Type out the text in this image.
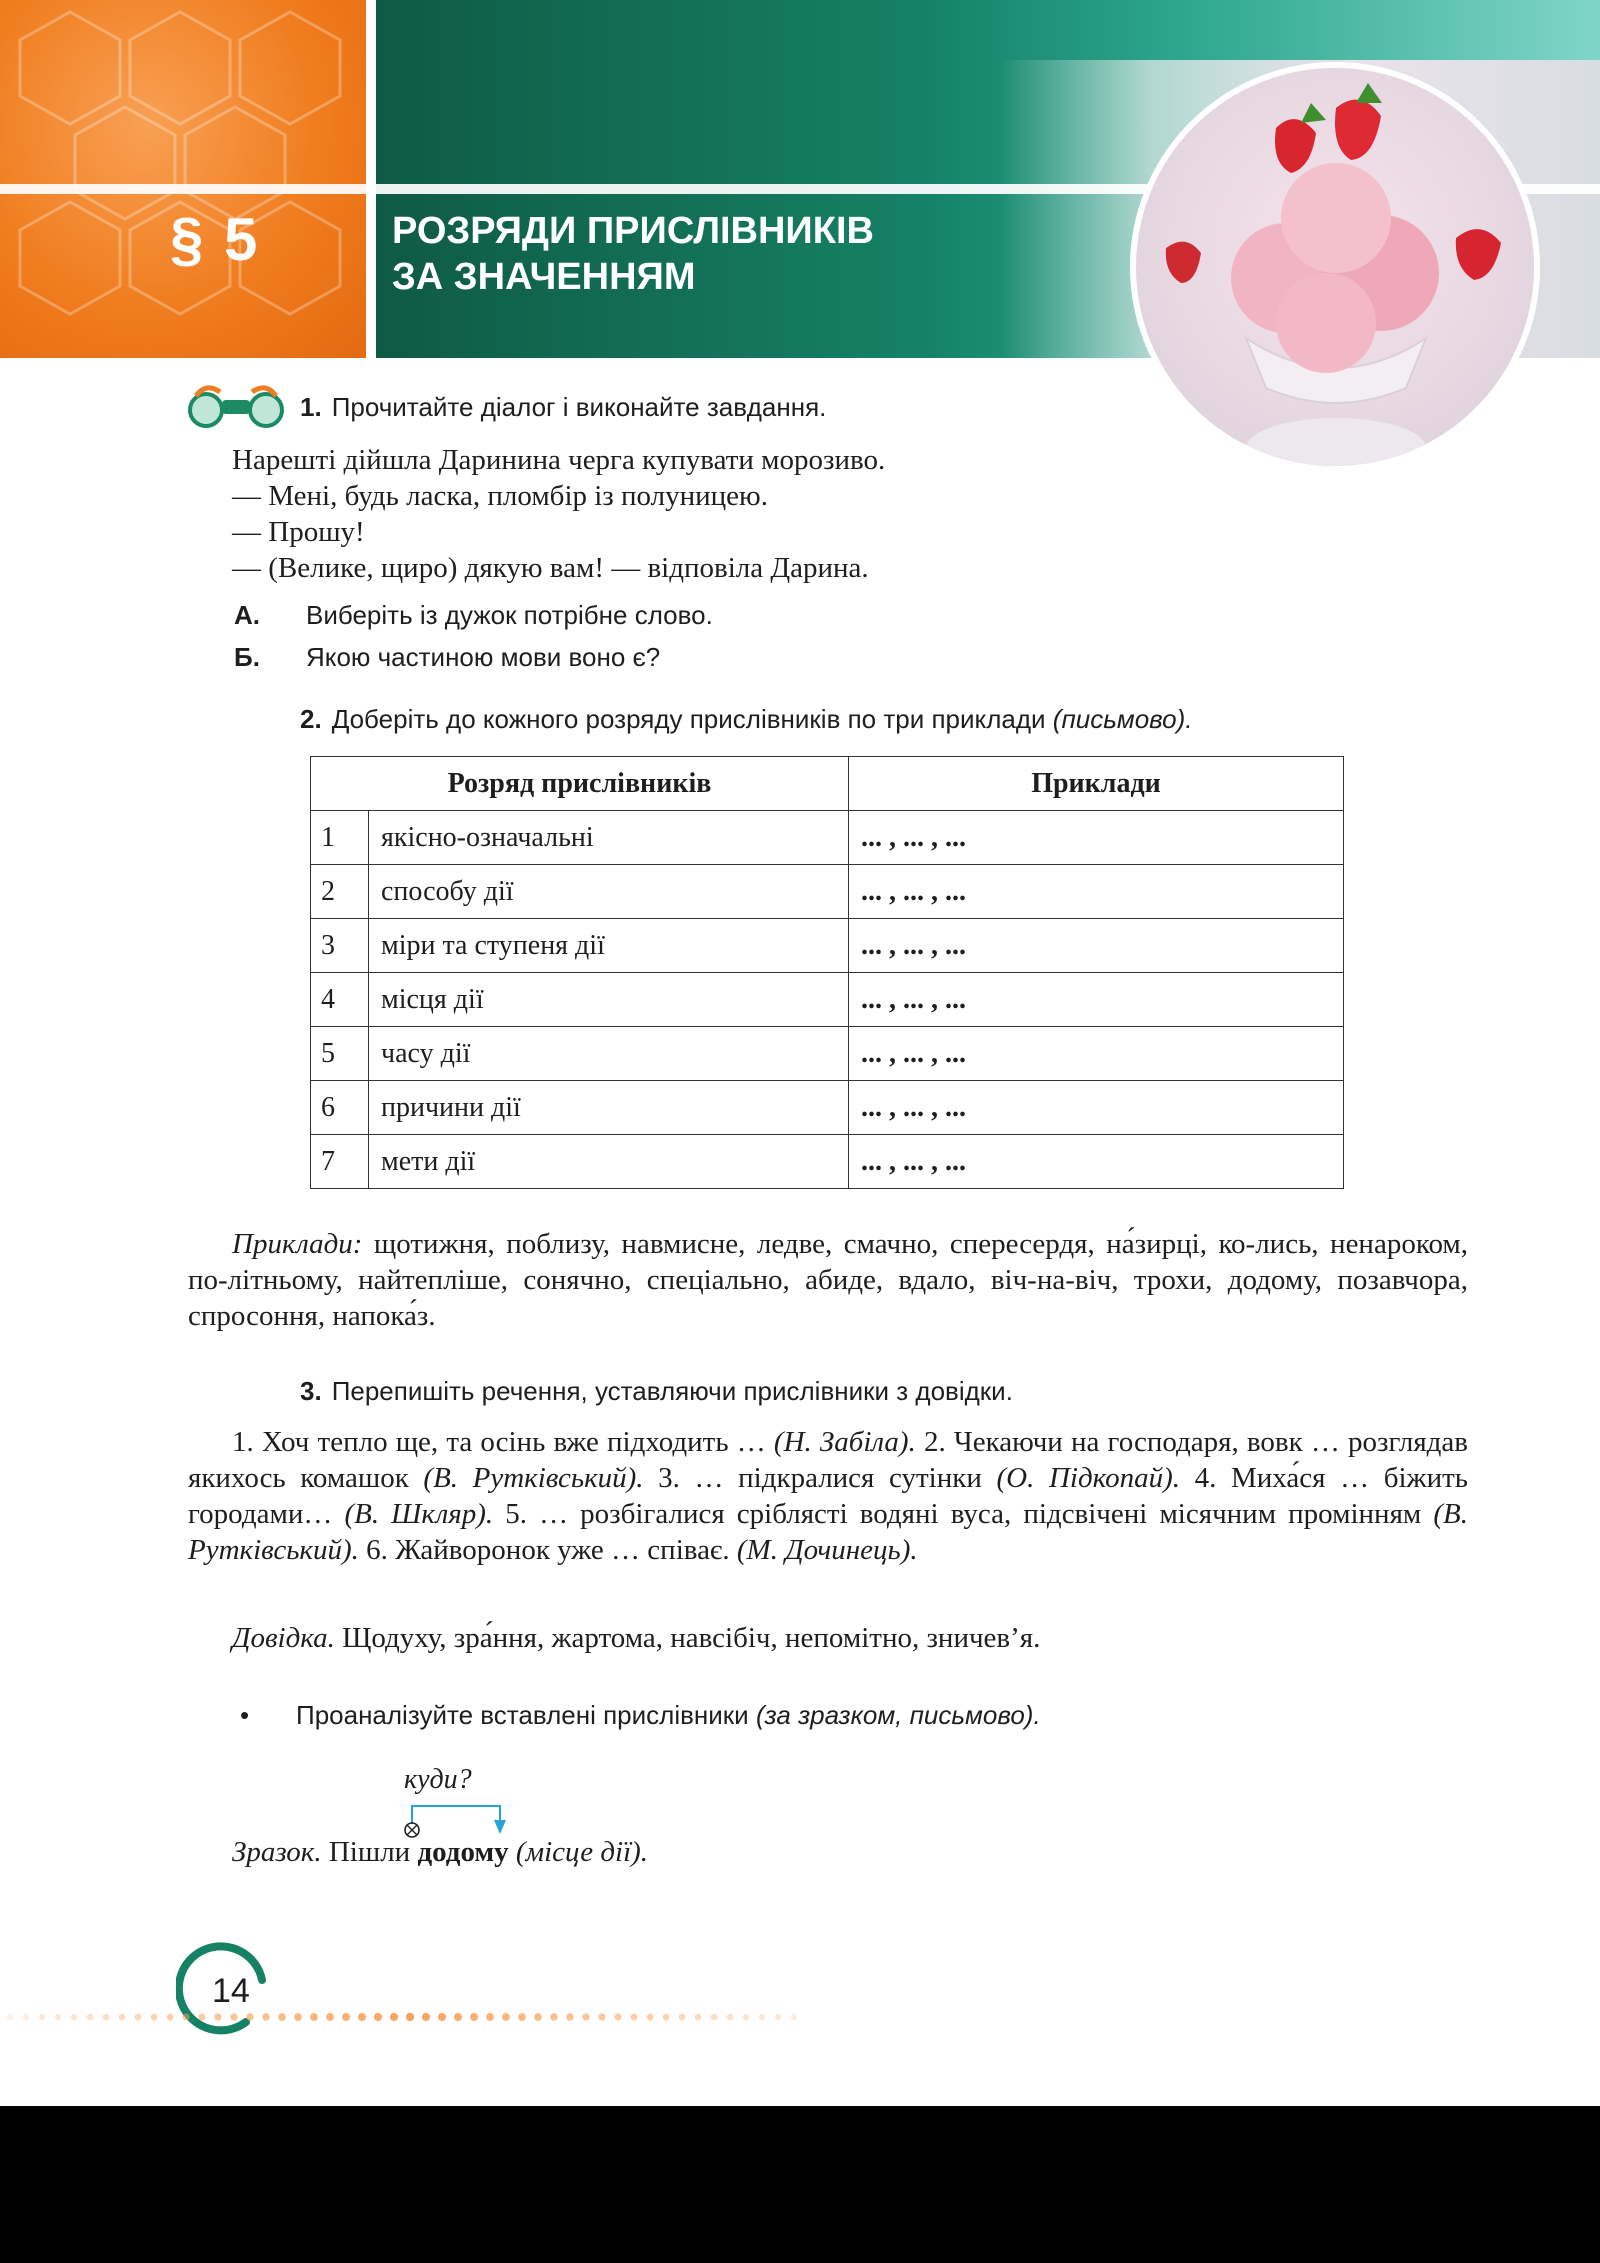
§ 5	РОЗРЯДИ ПРИСЛІВНИКІВ
ЗА ЗНАЧЕННЯМ
1. Прочитайте діалог і виконайте завдання.
Нарешті дійшла Даринина черга купувати морозиво.
— Мені, будь ласка, пломбір із полуницею.
— Прошу!
— (Велике, щиро) дякую вам! — відповіла Дарина.
А. Виберіть із дужок потрібне слово.
Б. Якою частиною мови воно є?
2. Доберіть до кожного розряду прислівників по три приклади (письмово).
Розряд прислівників		Приклади
1	якісно-означальні	... , ... , ...
2	способу дії	... , ... , ...
3	міри та ступеня дії	... , ... , ...
4	місця дії	... , ... , ...
5	часу дії	... , ... , ...
6	причини дії	... , ... , ...
7	мети дії	... , ... , ...
Приклади: щотижня, поблизу, навмисне, ледве, смачно, спересердя, на́зирці, ко-лись, ненароком, по-літньому, найтепліше, сонячно, спеціально, абиде, вдало, віч-на-віч, трохи, додому, позавчора, спросоння, напока́з.
3. Перепишіть речення, уставляючи прислівники з довідки.
1. Хоч тепло ще, та осінь вже підходить … (Н. Забіла). 2. Чекаючи на господаря, вовк … розглядав якихось комашок (В. Рутківський). 3. … підкралися сутінки (О. Підкопай). 4. Миха́ся … біжить городами… (В. Шкляр). 5. … розбігалися сріблясті водяні вуса, підсвічені місячним промінням (В. Рутківський). 6. Жайворонок уже … співає. (М. Дочинець).
Довідка. Щодуху, зра́ння, жартома, навсібіч, непомітно, зничев’я.
• Проаналізуйте вставлені прислівники (за зразком, письмово).
куди?
Зразок. Пішли додому (місце дії).
14
